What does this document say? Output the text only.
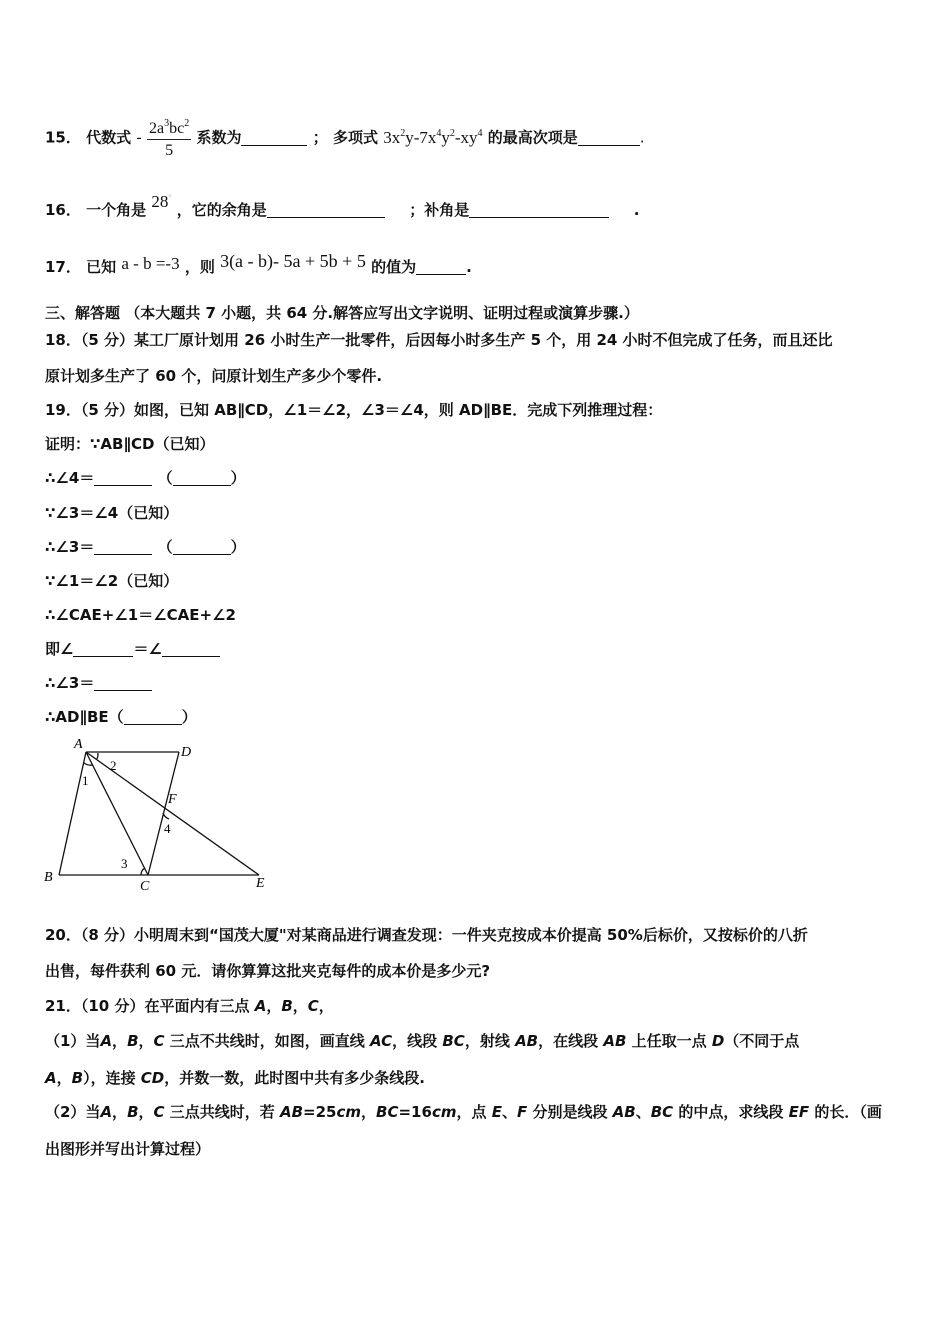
15． 代数式 - $\frac{2a^3bc^2}{5}$ 系数为	； 多项式 $3x^2y-7x^4y^2-xy^4$ 的最高次项是	.
16． 一个角是 28° ，它的余角是	；补角是	.
17． 已知 a - b =-3 ，则 3(a - b)- 5a + 5b + 5 的值为	.
三、解答题 （本大题共 7 小题，共 64 分.解答应写出文字说明、证明过程或演算步骤.）
18．（5 分）某工厂原计划用 26 小时生产一批零件，后因每小时多生产 5 个，用 24 小时不但完成了任务，而且还比
原计划多生产了 60 个，问原计划生产多少个零件.
19．（5 分）如图，已知 AB∥CD，∠1＝∠2，∠3＝∠4，则 AD∥BE．完成下列推理过程：
证明：∵AB∥CD（已知）
∴∠4＝	（	）
∵∠3＝∠4（已知）
∴∠3＝	（	）
∵∠1＝∠2（已知）
∴∠CAE+∠1＝∠CAE+∠2
即∠	＝∠
∴∠3＝
∴AD∥BE（	）
A
D
B
C	E
F
1
2
3
4
20．（8 分）小明周末到“国茂大厦"对某商品进行调查发现：一件夹克按成本价提高 50%后标价，又按标价的八折
出售，每件获利 60 元．请你算算这批夹克每件的成本价是多少元?
21．（10 分）在平面内有三点 A，B，C，
（1）当A，B，C 三点不共线时，如图，画直线 AC，线段 BC，射线 AB，在线段 AB 上任取一点 D（不同于点
A，B），连接 CD，并数一数，此时图中共有多少条线段.
（2）当A，B，C 三点共线时，若 AB=25cm，BC=16cm，点 E、F 分别是线段 AB、BC 的中点，求线段 EF 的长．（画
出图形并写出计算过程）
